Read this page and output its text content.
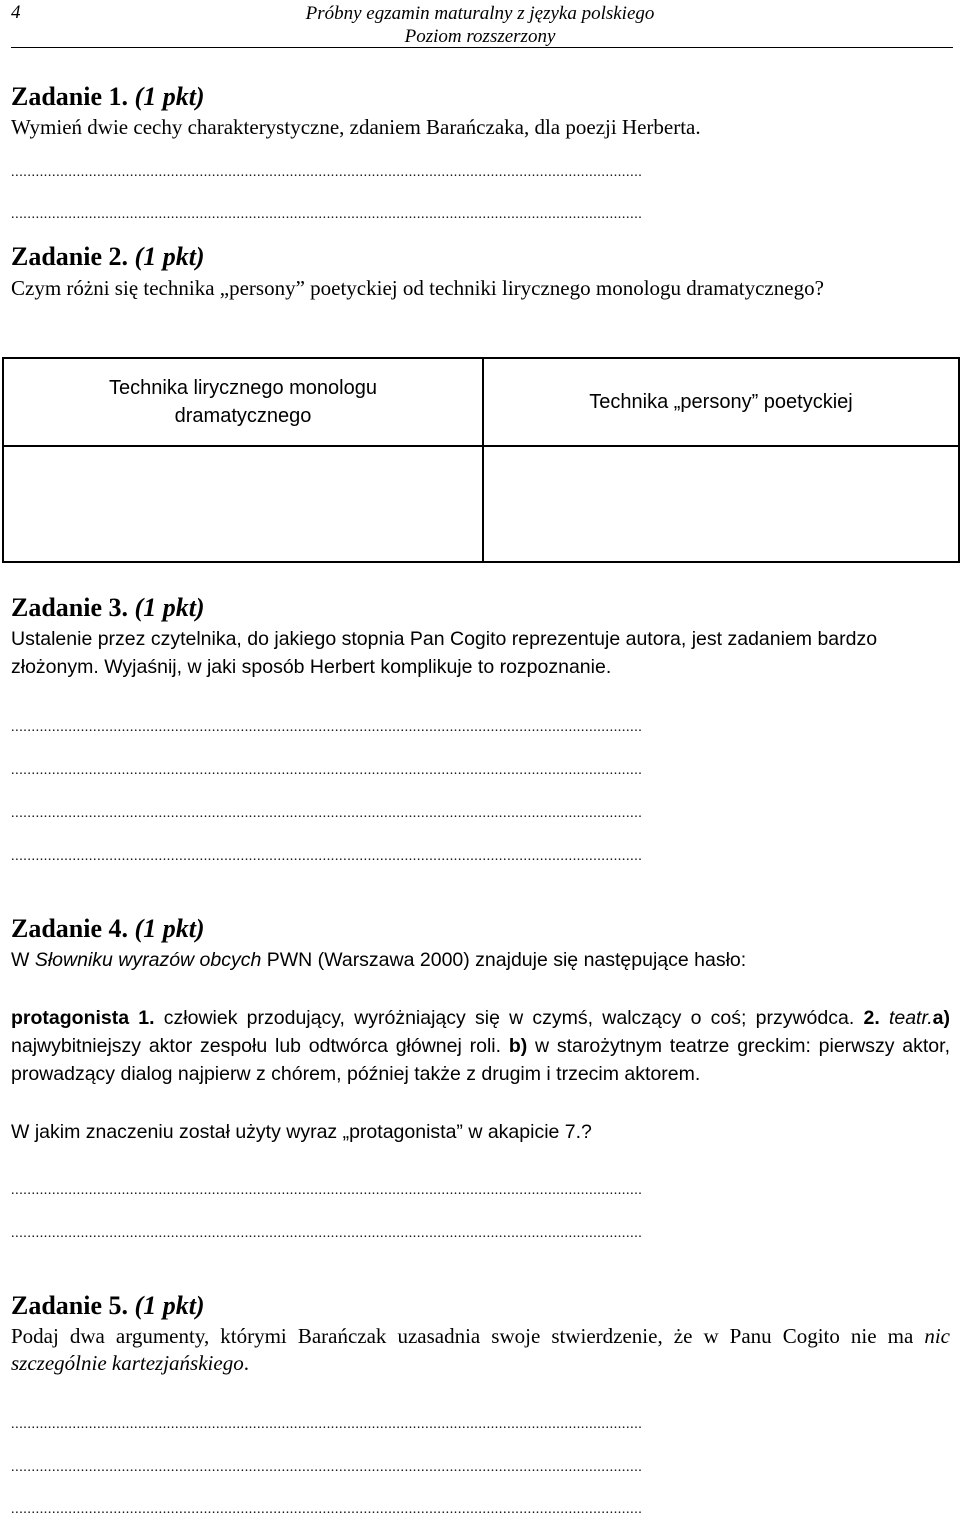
4	Próbny egzamin maturalny z języka polskiego
Poziom rozszerzony
Zadanie 1. (1 pkt)
Wymień dwie cechy charakterystyczne, zdaniem Barańczaka, dla poezji Herberta.
..........................................................................................................................................................
..........................................................................................................................................................
Zadanie 2. (1 pkt)
Czym różni się technika „persony” poetyckiej od techniki lirycznego monologu dramatycznego?
Technika lirycznego monologu
dramatycznego	Technika „persony” poetyckiej

Zadanie 3. (1 pkt)
Ustalenie przez czytelnika, do jakiego stopnia Pan Cogito reprezentuje autora, jest zadaniem bardzo złożonym. Wyjaśnij, w jaki sposób Herbert komplikuje to rozpoznanie.
..........................................................................................................................................................
..........................................................................................................................................................
..........................................................................................................................................................
..........................................................................................................................................................
Zadanie 4. (1 pkt)
W Słowniku wyrazów obcych PWN (Warszawa 2000) znajduje się następujące hasło:
protagonista 1. człowiek przodujący, wyróżniający się w czymś, walczący o coś; przywódca. 2. teatr.a) najwybitniejszy aktor zespołu lub odtwórca głównej roli. b) w starożytnym teatrze greckim: pierwszy aktor, prowadzący dialog najpierw z chórem, później także z drugim i trzecim aktorem.
W jakim znaczeniu został użyty wyraz „protagonista” w akapicie 7.?
..........................................................................................................................................................
..........................................................................................................................................................
Zadanie 5. (1 pkt)
Podaj dwa argumenty, którymi Barańczak uzasadnia swoje stwierdzenie, że w Panu Cogito nie ma nic szczególnie kartezjańskiego.
..........................................................................................................................................................
..........................................................................................................................................................
..........................................................................................................................................................
